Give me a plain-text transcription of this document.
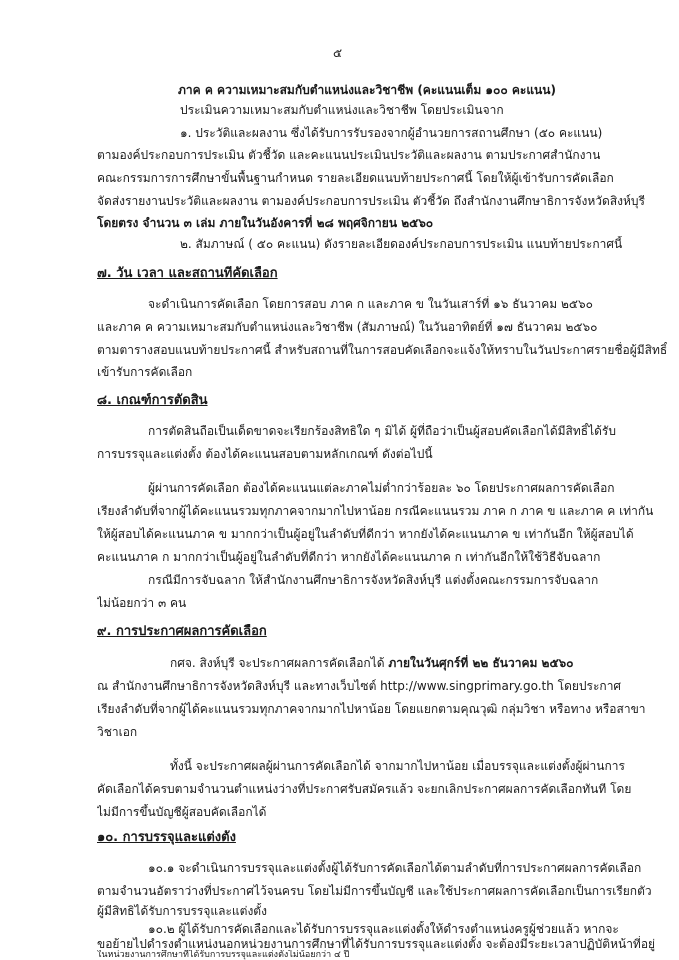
๕
ภาค ค ความเหมาะสมกับตำแหน่งและวิชาชีพ (คะแนนเต็ม ๑๐๐ คะแนน)
ประเมินความเหมาะสมกับตำแหน่งและวิชาชีพ โดยประเมินจาก
๑. ประวัติและผลงาน ซึ่งได้รับการรับรองจากผู้อำนวยการสถานศึกษา (๕๐ คะแนน)
ตามองค์ประกอบการประเมิน ตัวชี้วัด และคะแนนประเมินประวัติและผลงาน ตามประกาศสำนักงาน
คณะกรรมการการศึกษาขั้นพื้นฐานกำหนด รายละเอียดแนบท้ายประกาศนี้ โดยให้ผู้เข้ารับการคัดเลือก
จัดส่งรายงานประวัติและผลงาน ตามองค์ประกอบการประเมิน ตัวชี้วัด ถึงสำนักงานศึกษาธิการจังหวัดสิงห์บุรี
โดยตรง จำนวน ๓ เล่ม ภายในวันอังคารที่ ๒๘ พฤศจิกายน ๒๕๖๐
๒. สัมภาษณ์ ( ๕๐ คะแนน) ดังรายละเอียดองค์ประกอบการประเมิน แนบท้ายประกาศนี้
๗. วัน เวลา และสถานที่คัดเลือก
จะดำเนินการคัดเลือก โดยการสอบ ภาค ก และภาค ข ในวันเสาร์ที่ ๑๖ ธันวาคม ๒๕๖๐
และภาค ค ความเหมาะสมกับตำแหน่งและวิชาชีพ (สัมภาษณ์) ในวันอาทิตย์ที่ ๑๗ ธันวาคม ๒๕๖๐
ตามตารางสอบแนบท้ายประกาศนี้ สำหรับสถานที่ในการสอบคัดเลือกจะแจ้งให้ทราบในวันประกาศรายชื่อผู้มีสิทธิ์
เข้ารับการคัดเลือก
๘. เกณฑ์การตัดสิน
การตัดสินถือเป็นเด็ดขาดจะเรียกร้องสิทธิใด ๆ มิได้ ผู้ที่ถือว่าเป็นผู้สอบคัดเลือกได้มีสิทธิ์ได้รับ
การบรรจุและแต่งตั้ง ต้องได้คะแนนสอบตามหลักเกณฑ์ ดังต่อไปนี้
ผู้ผ่านการคัดเลือก ต้องได้คะแนนแต่ละภาคไม่ต่ำกว่าร้อยละ ๖๐ โดยประกาศผลการคัดเลือก
เรียงลำดับที่จากผู้ได้คะแนนรวมทุกภาคจากมากไปหาน้อย กรณีคะแนนรวม ภาค ก ภาค ข และภาค ค เท่ากัน
ให้ผู้สอบได้คะแนนภาค ข มากกว่าเป็นผู้อยู่ในลำดับที่ดีกว่า หากยังได้คะแนนภาค ข เท่ากันอีก ให้ผู้สอบได้
คะแนนภาค ก มากกว่าเป็นผู้อยู่ในลำดับที่ดีกว่า หากยังได้คะแนนภาค ก เท่ากันอีกให้ใช้วิธีจับฉลาก
กรณีมีการจับฉลาก ให้สำนักงานศึกษาธิการจังหวัดสิงห์บุรี แต่งตั้งคณะกรรมการจับฉลาก
ไม่น้อยกว่า ๓ คน
๙. การประกาศผลการคัดเลือก
กศจ. สิงห์บุรี จะประกาศผลการคัดเลือกได้ ภายในวันศุกร์ที่ ๒๒ ธันวาคม ๒๕๖๐
ณ สำนักงานศึกษาธิการจังหวัดสิงห์บุรี และทางเว็บไซต์ http://www.singprimary.go.th โดยประกาศ
เรียงลำดับที่จากผู้ได้คะแนนรวมทุกภาคจากมากไปหาน้อย โดยแยกตามคุณวุฒิ กลุ่มวิชา หรือทาง หรือสาขา
วิชาเอก
ทั้งนี้ จะประกาศผลผู้ผ่านการคัดเลือกได้ จากมากไปหาน้อย เมื่อบรรจุและแต่งตั้งผู้ผ่านการ
คัดเลือกได้ครบตามจำนวนตำแหน่งว่างที่ประกาศรับสมัครแล้ว จะยกเลิกประกาศผลการคัดเลือกทันที โดย
ไม่มีการขึ้นบัญชีผู้สอบคัดเลือกได้
๑๐. การบรรจุและแต่งตั้ง
๑๐.๑ จะดำเนินการบรรจุและแต่งตั้งผู้ได้รับการคัดเลือกได้ตามลำดับที่การประกาศผลการคัดเลือก
ตามจำนวนอัตราว่างที่ประกาศไว้จนครบ โดยไม่มีการขึ้นบัญชี และใช้ประกาศผลการคัดเลือกเป็นการเรียกตัว
ผู้มีสิทธิได้รับการบรรจุและแต่งตั้ง
๑๐.๒ ผู้ได้รับการคัดเลือกและได้รับการบรรจุและแต่งตั้งให้ดำรงตำแหน่งครูผู้ช่วยแล้ว หากจะ
ขอย้ายไปดำรงตำแหน่งนอกหน่วยงานการศึกษาที่ได้รับการบรรจุและแต่งตั้ง จะต้องมีระยะเวลาปฏิบัติหน้าที่อยู่
ในหน่วยงานการศึกษาที่ได้รับการบรรจุและแต่งตั้งไม่น้อยกว่า ๔ ปี
